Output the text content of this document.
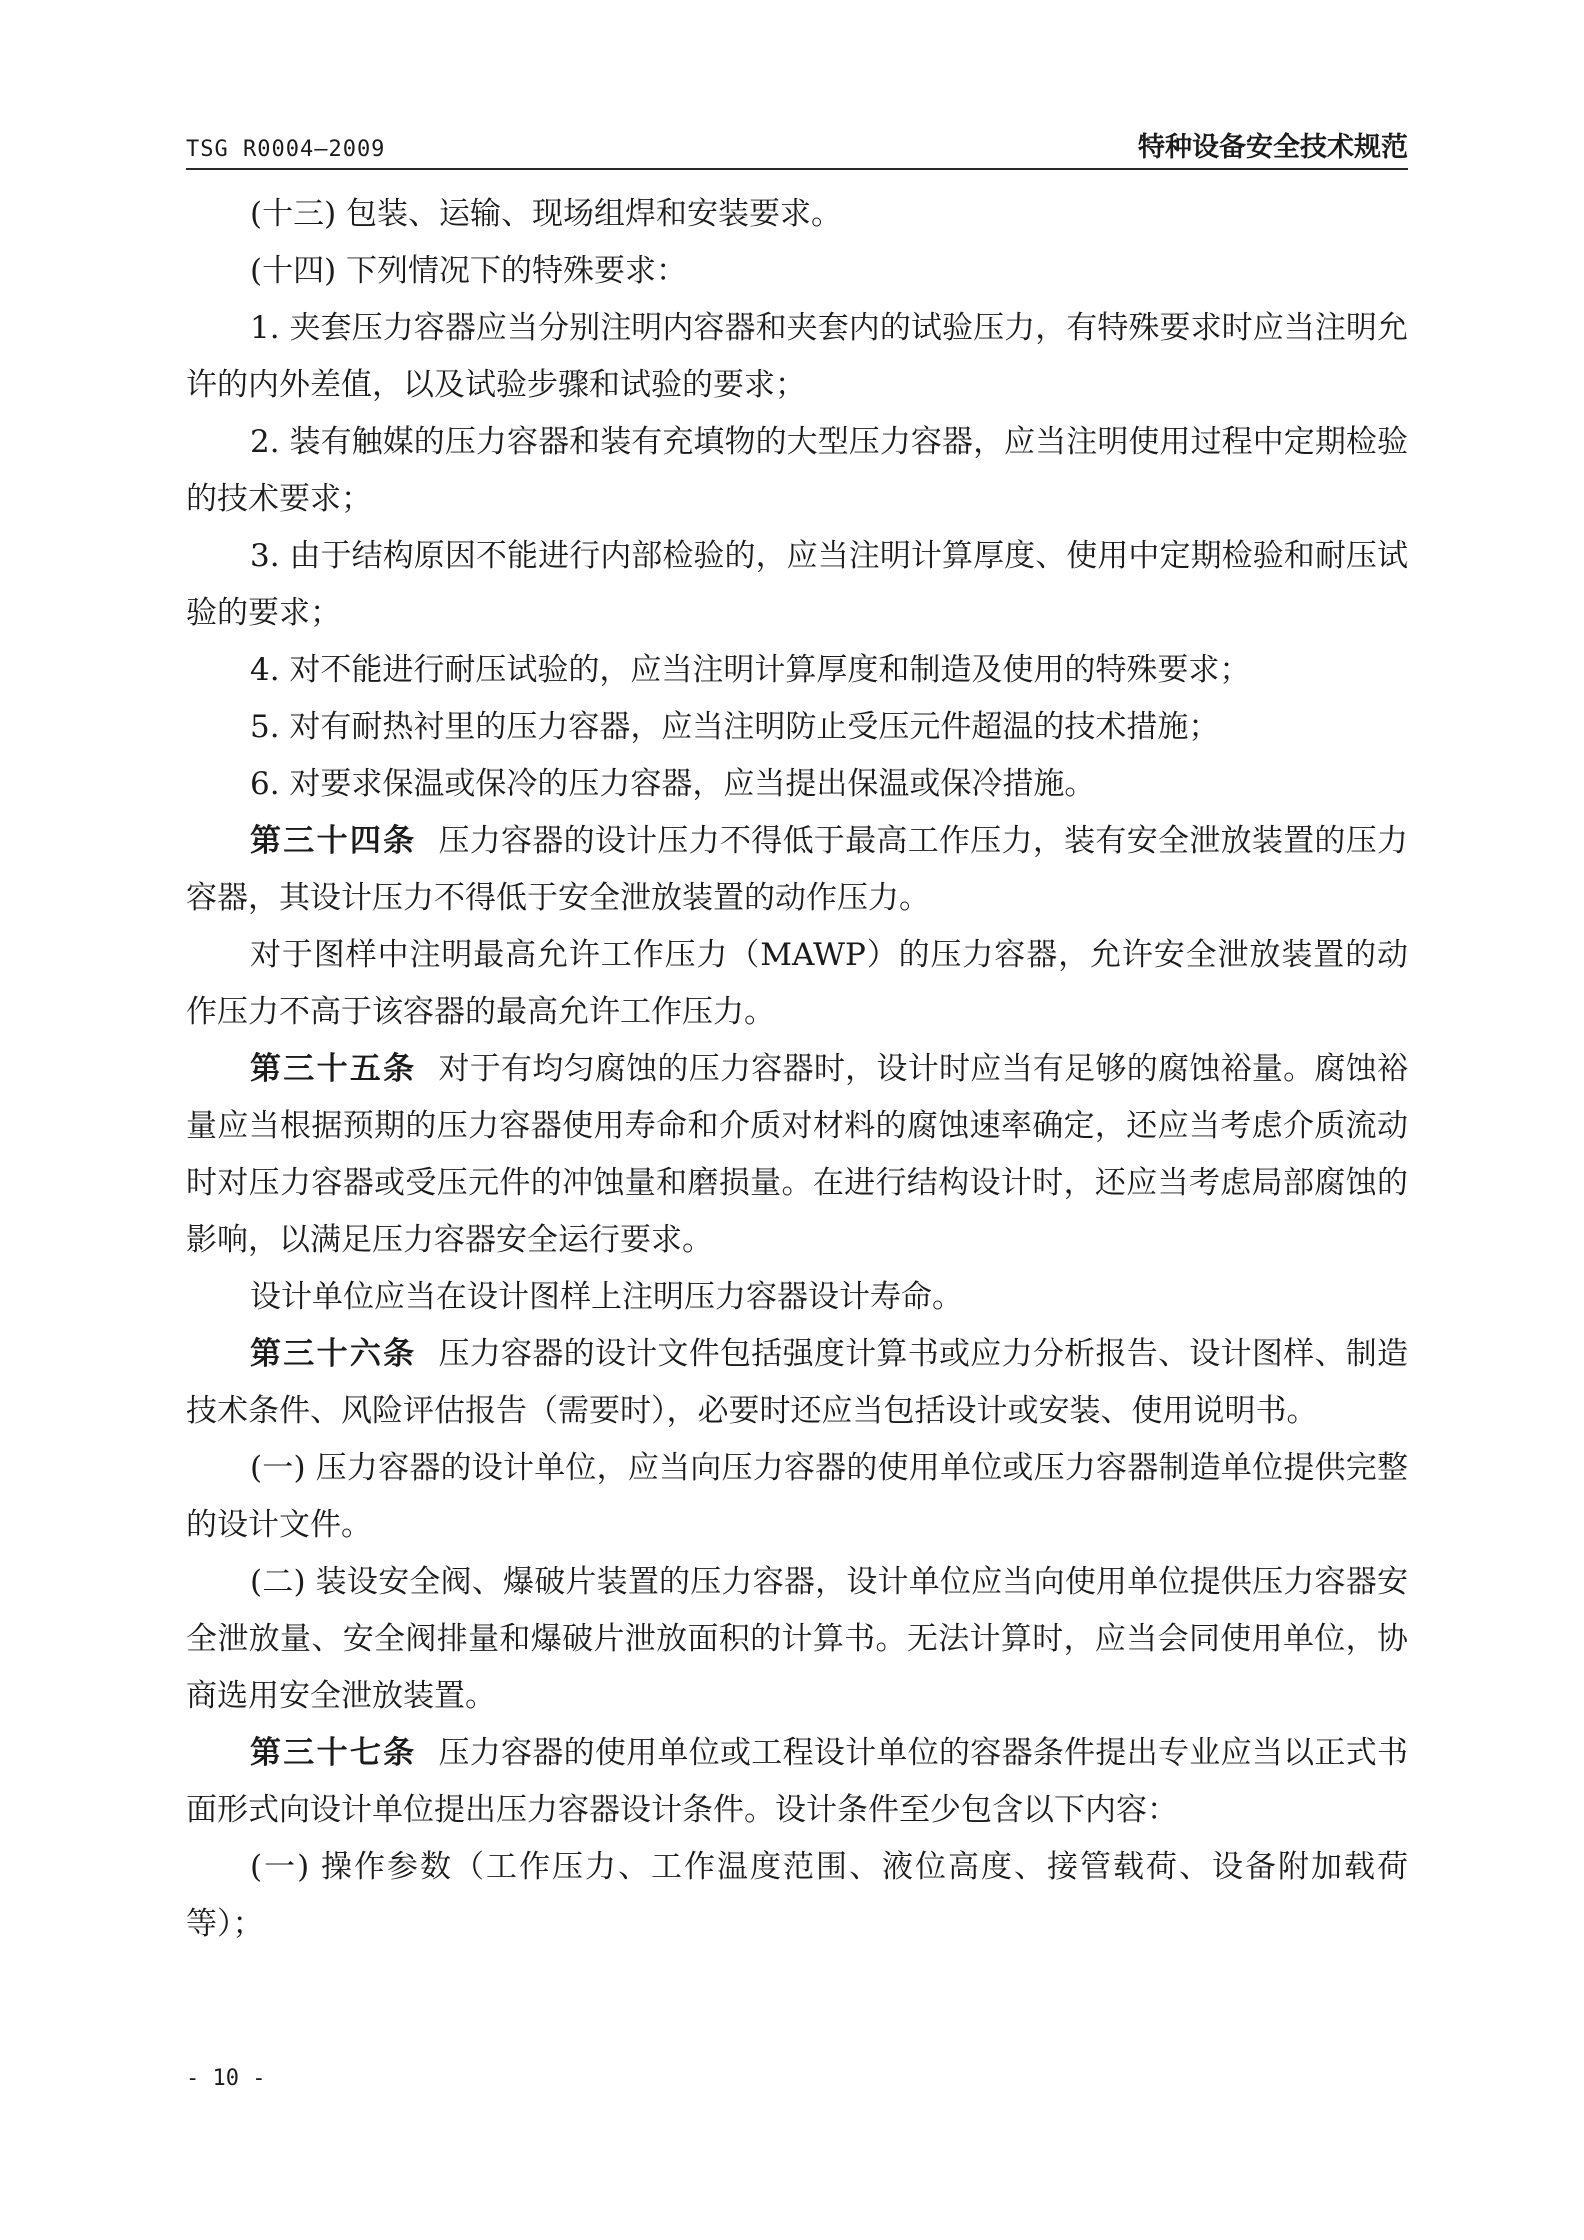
TSG R0004—2009	特种设备安全技术规范

(十三) 包装、运输、现场组焊和安装要求。

(十四) 下列情况下的特殊要求：

1. 夹套压力容器应当分别注明内容器和夹套内的试验压力，有特殊要求时应当注明允许的内外差值，以及试验步骤和试验的要求；

2. 装有触媒的压力容器和装有充填物的大型压力容器，应当注明使用过程中定期检验的技术要求；

3. 由于结构原因不能进行内部检验的，应当注明计算厚度、使用中定期检验和耐压试验的要求；

4. 对不能进行耐压试验的，应当注明计算厚度和制造及使用的特殊要求；

5. 对有耐热衬里的压力容器，应当注明防止受压元件超温的技术措施；

6. 对要求保温或保冷的压力容器，应当提出保温或保冷措施。

第三十四条 压力容器的设计压力不得低于最高工作压力，装有安全泄放装置的压力容器，其设计压力不得低于安全泄放装置的动作压力。

对于图样中注明最高允许工作压力（MAWP）的压力容器，允许安全泄放装置的动作压力不高于该容器的最高允许工作压力。

第三十五条 对于有均匀腐蚀的压力容器时，设计时应当有足够的腐蚀裕量。腐蚀裕量应当根据预期的压力容器使用寿命和介质对材料的腐蚀速率确定，还应当考虑介质流动时对压力容器或受压元件的冲蚀量和磨损量。在进行结构设计时，还应当考虑局部腐蚀的影响，以满足压力容器安全运行要求。

设计单位应当在设计图样上注明压力容器设计寿命。

第三十六条 压力容器的设计文件包括强度计算书或应力分析报告、设计图样、制造技术条件、风险评估报告（需要时），必要时还应当包括设计或安装、使用说明书。

(一) 压力容器的设计单位，应当向压力容器的使用单位或压力容器制造单位提供完整的设计文件。

(二) 装设安全阀、爆破片装置的压力容器，设计单位应当向使用单位提供压力容器安全泄放量、安全阀排量和爆破片泄放面积的计算书。无法计算时，应当会同使用单位，协商选用安全泄放装置。

第三十七条 压力容器的使用单位或工程设计单位的容器条件提出专业应当以正式书面形式向设计单位提出压力容器设计条件。设计条件至少包含以下内容：

(一) 操作参数（工作压力、工作温度范围、液位高度、接管载荷、设备附加载荷等）；

- 10 -
